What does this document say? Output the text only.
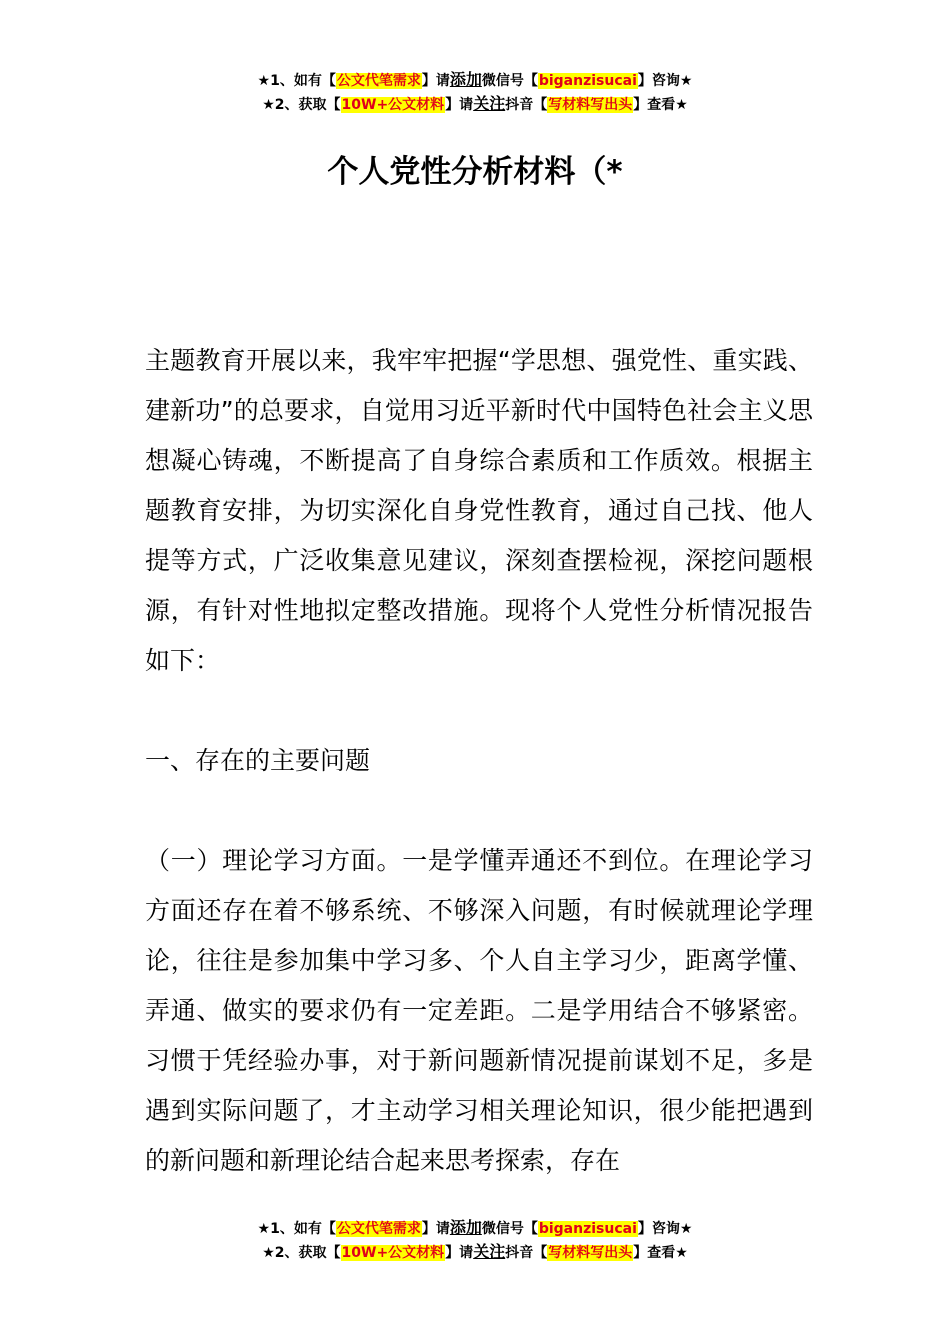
★1、如有【公文代笔需求】请添加微信号【biganzisucai】咨询★
★2、获取【10W+公文材料】请关注抖音【写材料写出头】查看★
个人党性分析材料（*

主题教育开展以来，我牢牢把握“学思想、强党性、重实践、建新功”的总要求，自觉用习近平新时代中国特色社会主义思想凝心铸魂，不断提高了自身综合素质和工作质效。根据主题教育安排，为切实深化自身党性教育，通过自己找、他人提等方式，广泛收集意见建议，深刻查摆检视，深挖问题根源，有针对性地拟定整改措施。现将个人党性分析情况报告如下：

一、存在的主要问题

（一）理论学习方面。一是学懂弄通还不到位。在理论学习方面还存在着不够系统、不够深入问题，有时候就理论学理论，往往是参加集中学习多、个人自主学习少，距离学懂、弄通、做实的要求仍有一定差距。二是学用结合不够紧密。习惯于凭经验办事，对于新问题新情况提前谋划不足，多是遇到实际问题了，才主动学习相关理论知识，很少能把遇到的新问题和新理论结合起来思考探索，存在

★1、如有【公文代笔需求】请添加微信号【biganzisucai】咨询★
★2、获取【10W+公文材料】请关注抖音【写材料写出头】查看★
